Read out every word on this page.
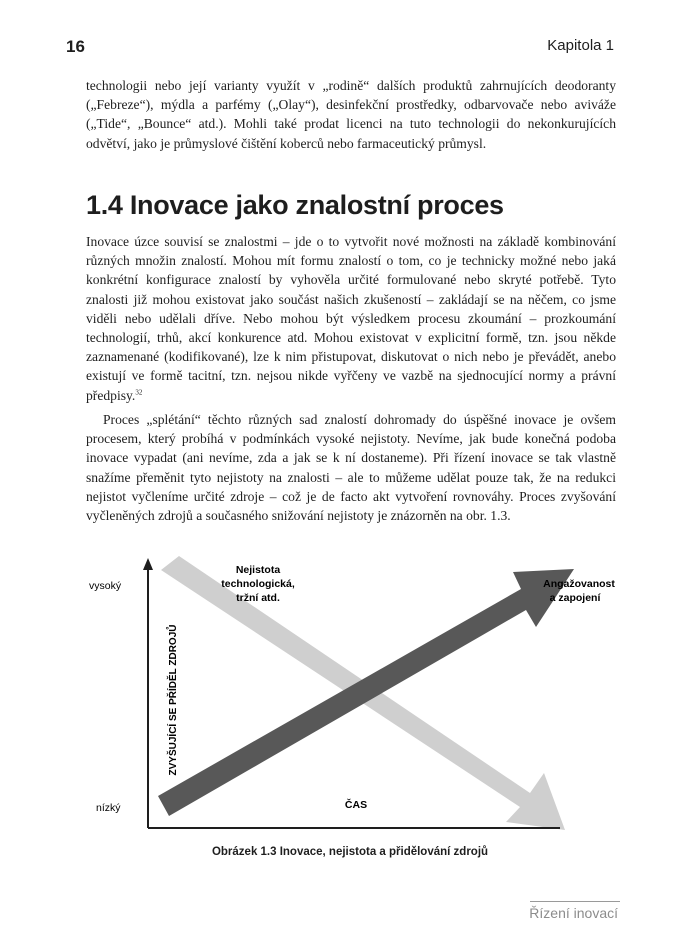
16	Kapitola 1

technologii nebo její varianty využít v „rodině“ dalších produktů zahrnujících deodoranty („Febreze“), mýdla a parfémy („Olay“), desinfekční prostředky, odbarvovače nebo aviváže („Tide“, „Bounce“ atd.). Mohli také prodat licenci na tuto technologii do nekonkurujících odvětví, jako je průmyslové čištění koberců nebo farmaceutický průmysl.

1.4 Inovace jako znalostní proces

Inovace úzce souvisí se znalostmi – jde o to vytvořit nové možnosti na základě kombinování různých množin znalostí. Mohou mít formu znalostí o tom, co je technicky možné nebo jaká konkrétní konfigurace znalostí by vyhověla určité formulované nebo skryté potřebě. Tyto znalosti již mohou existovat jako součást našich zkušeností – zakládají se na něčem, co jsme viděli nebo udělali dříve. Nebo mohou být výsledkem procesu zkoumání – prozkoumání technologií, trhů, akcí konkurence atd. Mohou existovat v explicitní formě, tzn. jsou někde zaznamenané (kodifikované), lze k nim přistupovat, diskutovat o nich nebo je převádět, anebo existují ve formě tacitní, tzn. nejsou nikde vyřčeny ve vazbě na sjednocující normy a právní předpisy.$^{32}$

Proces „splétání“ těchto různých sad znalostí dohromady do úspěšné inovace je ovšem procesem, který probíhá v podmínkách vysoké nejistoty. Nevíme, jak bude konečná podoba inovace vypadat (ani nevíme, zda a jak se k ní dostaneme). Při řízení inovace se tak vlastně snažíme přeměnit tyto nejistoty na znalosti – ale to můžeme udělat pouze tak, že na redukci nejistot vyčleníme určité zdroje – což je de facto akt vytvoření rovnováhy. Proces zvyšování vyčleněných zdrojů a současného snižování nejistoty je znázorněn na obr. 1.3.

vysoký
nízký
ZVYŠUJÍCÍ SE PŘÍDĚL ZDROJŮ
ČAS
Nejistota
technologická,
tržní atd.
Angažovanost
a zapojení

Obrázek 1.3 Inovace, nejistota a přidělování zdrojů

Řízení inovací
